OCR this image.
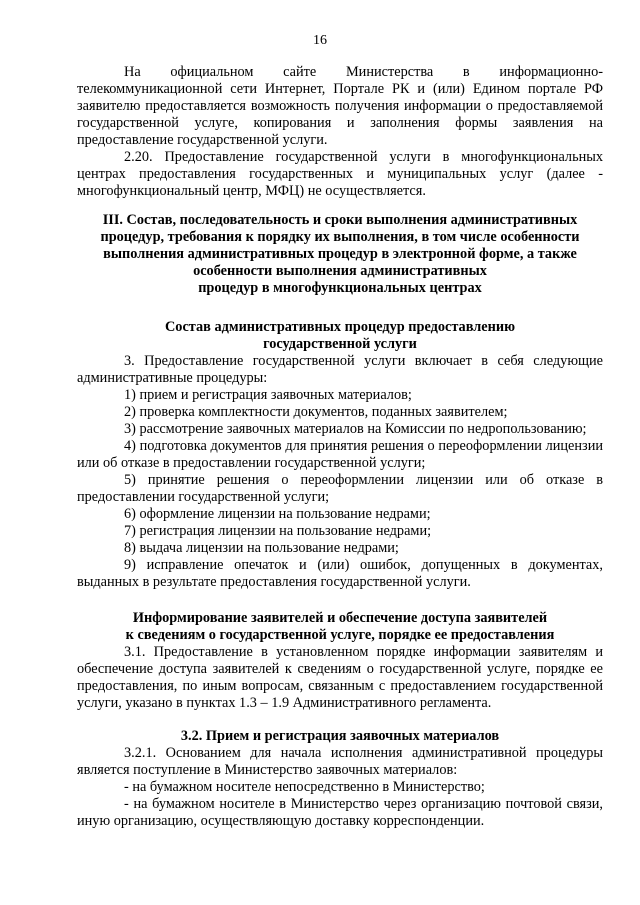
16

На официальном сайте Министерства в информационно-телекоммуникационной сети Интернет, Портале РК и (или) Едином портале РФ заявителю предоставляется возможность получения информации о предоставляемой государственной услуге, копирования и заполнения формы заявления на предоставление государственной услуги.

2.20. Предоставление государственной услуги в многофункциональных центрах предоставления государственных и муниципальных услуг (далее - многофункциональный центр, МФЦ) не осуществляется.

III. Состав, последовательность и сроки выполнения административных
процедур, требования к порядку их выполнения, в том числе особенности
выполнения административных процедур в электронной форме, а также
особенности выполнения административных
процедур в многофункциональных центрах
Состав административных процедур предоставлению
государственной услуги

3. Предоставление государственной услуги включает в себя следующие административные процедуры:

1) прием и регистрация заявочных материалов;

2) проверка комплектности документов, поданных заявителем;

3) рассмотрение заявочных материалов на Комиссии по недропользованию;

4) подготовка документов для принятия решения о переоформлении лицензии или об отказе в предоставлении государственной услуги;

5) принятие решения о переоформлении лицензии или об отказе в предоставлении государственной услуги;

6) оформление лицензии на пользование недрами;

7) регистрация лицензии на пользование недрами;

8) выдача лицензии на пользование недрами;

9) исправление опечаток и (или) ошибок, допущенных в документах, выданных в результате предоставления государственной услуги.

Информирование заявителей и обеспечение доступа заявителей
к сведениям о государственной услуге, порядке ее предоставления

3.1. Предоставление в установленном порядке информации заявителям и обеспечение доступа заявителей к сведениям о государственной услуге, порядке ее предоставления, по иным вопросам, связанным с предоставлением государственной услуги, указано в пунктах 1.3 – 1.9 Административного регламента.

3.2. Прием и регистрация заявочных материалов

3.2.1. Основанием для начала исполнения административной процедуры является поступление в Министерство заявочных материалов:

- на бумажном носителе непосредственно в Министерство;

- на бумажном носителе в Министерство через организацию почтовой связи, иную организацию, осуществляющую доставку корреспонденции.
